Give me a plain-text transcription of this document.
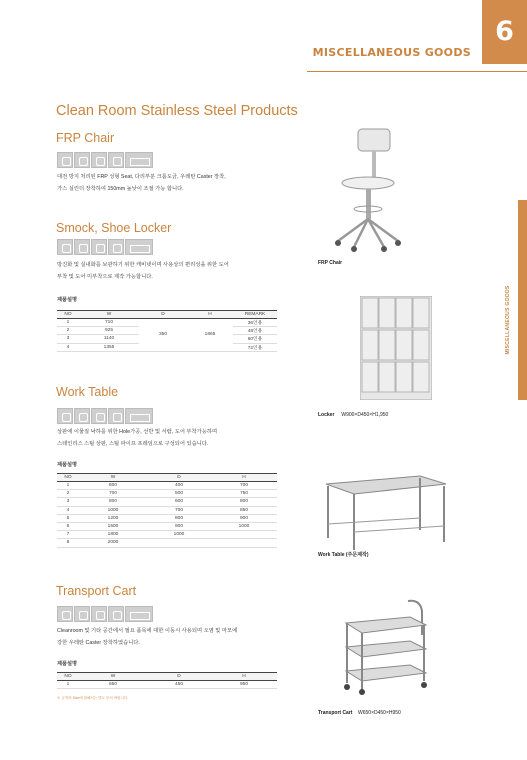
6
MISCELLANEOUS GOODS
MISCELLANEOUS GOODS
Clean Room Stainless Steel Products
FRP Chair
대전 방지 처리된 FRP 성형 Seat, 다리부분 크롬도금, 우레탄 Caster 장착,
가스 실린더 장착하여 150mm 높낮이 조절 가능 합니다.
Smock, Shoe Locker
방진화 및 실내화를 보관하기 위한 캐비넷이며 사용상의 편리성을 위한 도어
부착 및 도어 미부착으로 제작 가능합니다.
제품설명
NO	W	D	H	REMARK
1	710	350	1865	36인용
2	925			48인용
3	1140			60인용
4	1355			72인용
Work Table
상판에 이물질 낙하를 위한 Hole가공, 선반 및 서랍, 도어 부착가능하며
스테인리스 스틸 상판, 스틸 파이프 프레임으로 구성되어 있습니다.
제품설명
NO	W	D	H
1	600	400	700
2	700	500	750
3	800	600	800
4	1000	700	850
5	1200	800	900
6	1500	900	1000
7	1800	1000	
8	2000		
Transport Cart
Cleanroom 및 기타 공간에서 필요 품목에 대한 이동시 사용되며 오염 및 마모에
강한 우레탄 Caster 장착하였습니다.
제품설명
NO	W	D	H
1	650	450	950
※ 규격외 Size에 대해서는 별도 문의 바랍니다.
FRP Chair
Locker W900×D450×H1,950
Work Table (주문제작)
Transport Cart W650×D450×H950
